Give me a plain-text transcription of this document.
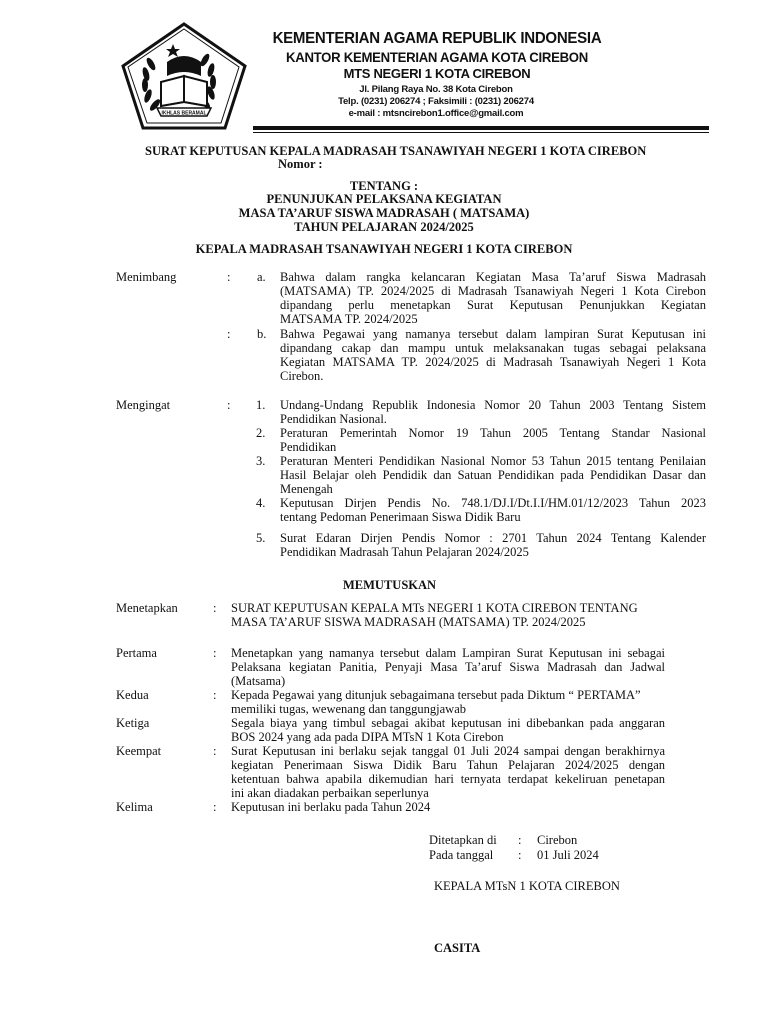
IKHLAS BERAMAL
KEMENTERIAN AGAMA REPUBLIK INDONESIA
KANTOR KEMENTERIAN AGAMA KOTA CIREBON
MTS NEGERI 1 KOTA CIREBON
Jl. Pilang Raya No. 38 Kota Cirebon
Telp. (0231) 206274 ; Faksimili : (0231) 206274
e-mail : mtsncirebon1.office@gmail.com
SURAT KEPUTUSAN KEPALA MADRASAH TSANAWIYAH NEGERI 1 KOTA CIREBON
Nomor :
TENTANG :
PENUNJUKAN PELAKSANA KEGIATAN
MASA TA’ARUF SISWA MADRASAH ( MATSAMA)
TAHUN PELAJARAN 2024/2025
KEPALA MADRASAH TSANAWIYAH NEGERI 1 KOTA CIREBON
Menimbang	: a. Bahwa dalam rangka kelancaran Kegiatan Masa Ta’aruf Siswa Madrasah
(MATSAMA) TP. 2024/2025 di Madrasah Tsanawiyah Negeri 1 Kota Cirebon
dipandang perlu menetapkan Surat Keputusan Penunjukkan Kegiatan
MATSAMA TP. 2024/2025
: b. Bahwa Pegawai yang namanya tersebut dalam lampiran Surat Keputusan ini
dipandang cakap dan mampu untuk melaksanakan tugas sebagai pelaksana
Kegiatan MATSAMA TP. 2024/2025 di Madrasah Tsanawiyah Negeri 1 Kota
Cirebon.
Mengingat	: 1. Undang-Undang Republik Indonesia Nomor 20 Tahun 2003 Tentang Sistem
Pendidikan Nasional.
2. Peraturan Pemerintah Nomor 19 Tahun 2005 Tentang Standar Nasional
Pendidikan
3. Peraturan Menteri Pendidikan Nasional Nomor 53 Tahun 2015 tentang Penilaian
Hasil Belajar oleh Pendidik dan Satuan Pendidikan pada Pendidikan Dasar dan
Menengah
4. Keputusan Dirjen Pendis No. 748.1/DJ.I/Dt.I.I/HM.01/12/2023 Tahun 2023
tentang Pedoman Penerimaan Siswa Didik Baru
5. Surat Edaran Dirjen Pendis Nomor : 2701 Tahun 2024 Tentang Kalender
Pendidikan Madrasah Tahun Pelajaran 2024/2025
MEMUTUSKAN
Menetapkan	: SURAT KEPUTUSAN KEPALA MTs NEGERI 1 KOTA CIREBON TENTANG
MASA TA’ARUF SISWA MADRASAH (MATSAMA) TP. 2024/2025
Pertama	: Menetapkan yang namanya tersebut dalam Lampiran Surat Keputusan ini sebagai
Pelaksana kegiatan Panitia, Penyaji Masa Ta’aruf Siswa Madrasah dan Jadwal
(Matsama)
Kedua	: Kepada Pegawai yang ditunjuk sebagaimana tersebut pada Diktum “ PERTAMA”
memiliki tugas, wewenang dan tanggungjawab
Ketiga	Segala biaya yang timbul sebagai akibat keputusan ini dibebankan pada anggaran
BOS 2024 yang ada pada DIPA MTsN 1 Kota Cirebon
Keempat	: Surat Keputusan ini berlaku sejak tanggal 01 Juli 2024 sampai dengan berakhirnya
kegiatan Penerimaan Siswa Didik Baru Tahun Pelajaran 2024/2025 dengan
ketentuan bahwa apabila dikemudian hari ternyata terdapat kekeliruan penetapan
ini akan diadakan perbaikan seperlunya
Kelima	: Keputusan ini berlaku pada Tahun 2024
Ditetapkan di : Cirebon
Pada tanggal : 01 Juli 2024
KEPALA MTsN 1 KOTA CIREBON
CASITA
